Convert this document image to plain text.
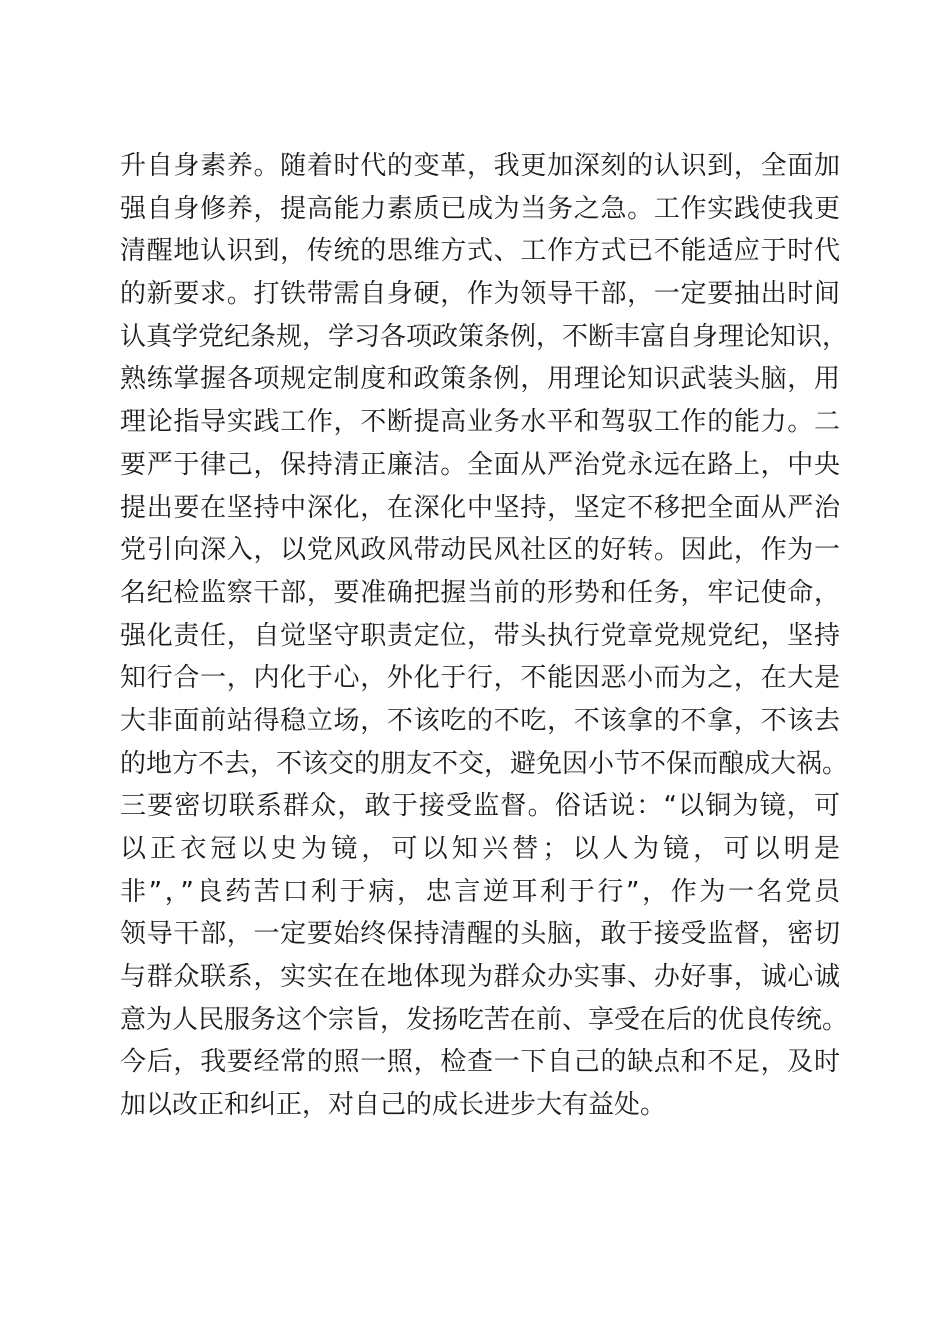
升自身素养。随着时代的变革，我更加深刻的认识到，全面加
强自身修养，提高能力素质已成为当务之急。工作实践使我更
清醒地认识到，传统的思维方式、工作方式已不能适应于时代
的新要求。打铁带需自身硬，作为领导干部，一定要抽出时间
认真学党纪条规，学习各项政策条例，不断丰富自身理论知识，
熟练掌握各项规定制度和政策条例，用理论知识武装头脑，用
理论指导实践工作，不断提高业务水平和驾驭工作的能力。二
要严于律己，保持清正廉洁。全面从严治党永远在路上，中央
提出要在坚持中深化，在深化中坚持，坚定不移把全面从严治
党引向深入，以党风政风带动民风社区的好转。因此，作为一
名纪检监察干部，要准确把握当前的形势和任务，牢记使命，
强化责任，自觉坚守职责定位，带头执行党章党规党纪，坚持
知行合一，内化于心，外化于行，不能因恶小而为之，在大是
大非面前站得稳立场，不该吃的不吃，不该拿的不拿，不该去
的地方不去，不该交的朋友不交，避免因小节不保而酿成大祸。
三要密切联系群众，敢于接受监督。俗话说：“以铜为镜，可
以正衣冠以史为镜，可以知兴替；以人为镜，可以明是
非”，”良药苦口利于病，忠言逆耳利于行”，作为一名党员
领导干部，一定要始终保持清醒的头脑，敢于接受监督，密切
与群众联系，实实在在地体现为群众办实事、办好事，诚心诚
意为人民服务这个宗旨，发扬吃苦在前、享受在后的优良传统。
今后，我要经常的照一照，检查一下自己的缺点和不足，及时
加以改正和纠正，对自己的成长进步大有益处。
